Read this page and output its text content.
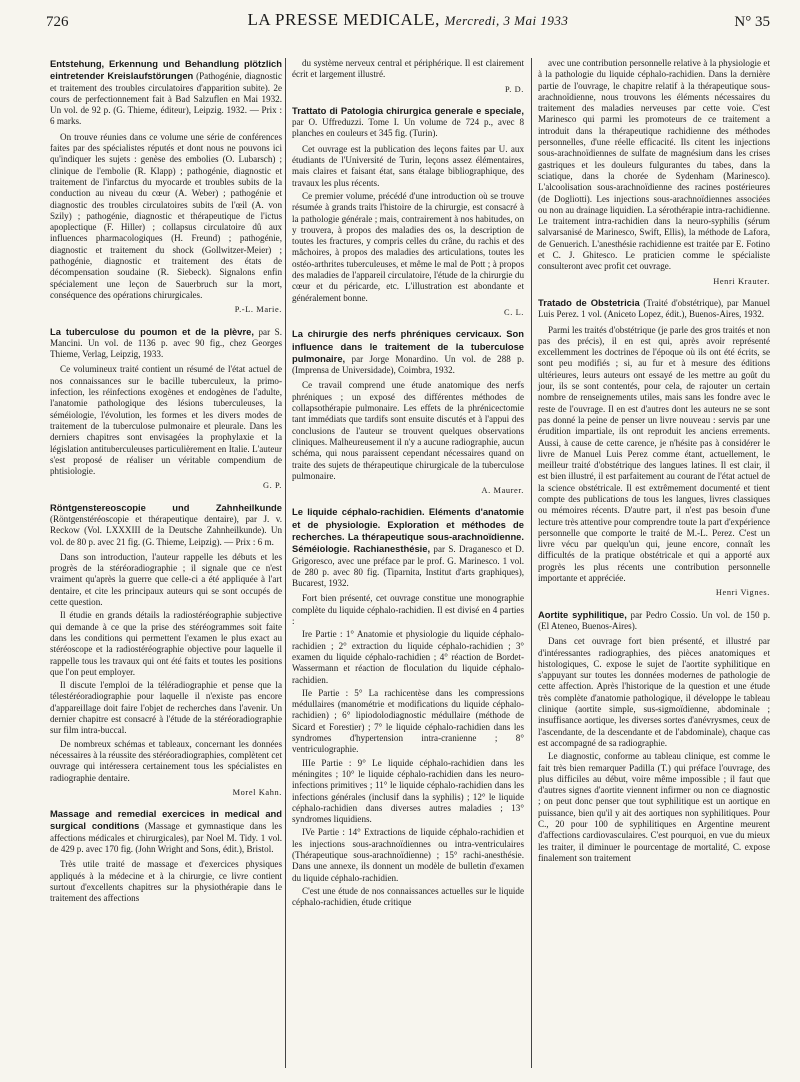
726	LA PRESSE MEDICALE, Mercredi, 3 Mai 1933	N° 35

Entstehung, Erkennung und Behandlung plötzlich eintretender Kreislaufstörungen (Pathogénie, diagnostic et traitement des troubles circulatoires d'apparition subite). 2e cours de perfectionnement fait à Bad Salzuflen en Mai 1932. Un vol. de 92 p. (G. Thieme, éditeur), Leipzig. 1932. — Prix : 6 marks.

On trouve réunies dans ce volume une série de conférences faites par des spécialistes réputés et dont nous ne pouvons ici qu'indiquer les sujets : genèse des embolies (O. Lubarsch) ; clinique de l'embolie (R. Klapp) ; pathogénie, diagnostic et traitement de l'infarctus du myocarde et troubles subits de la conduction au niveau du cœur (A. Weber) ; pathogénie et diagnostic des troubles circulatoires subits de l'œil (A. von Szily) ; pathogénie, diagnostic et thérapeutique de l'ictus apoplectique (F. Hiller) ; collapsus circulatoire dû aux influences pharmacologiques (H. Freund) ; pathogénie, diagnostic et traitement du shock (Gollwitzer-Meier) ; pathogénie, diagnostic et traitement des états de décompensation soudaine (R. Siebeck). Signalons enfin spécialement une leçon de Sauerbruch sur la mort, conséquence des opérations chirurgicales.

P.-L. Marie.

La tuberculose du poumon et de la plèvre, par S. Mancini. Un vol. de 1136 p. avec 90 fig., chez Georges Thieme, Verlag, Leipzig, 1933.

Ce volumineux traité contient un résumé de l'état actuel de nos connaissances sur le bacille tuberculeux, la primo-infection, les réinfections exogènes et endogènes de l'adulte, l'anatomie pathologique des lésions tuberculeuses, la séméiologie, l'évolution, les formes et les divers modes de traitement de la tuberculose pulmonaire et pleurale. Dans les derniers chapitres sont envisagées la prophylaxie et la législation antituberculeuses particulièrement en Italie. L'auteur s'est proposé de réaliser un véritable compendium de phtisiologie.

G. P.

Röntgenstereoscopie und Zahnheilkunde (Röntgenstéréoscopie et thérapeutique dentaire), par J. v. Reckow (Vol. LXXXIII de la Deutsche Zahnheilkunde). Un vol. de 80 p. avec 21 fig. (G. Thieme, Leipzig). — Prix : 6 m.

Dans son introduction, l'auteur rappelle les débuts et les progrès de la stéréoradiographie ; il signale que ce n'est vraiment qu'après la guerre que celle-ci a été appliquée à l'art dentaire, et cite les principaux auteurs qui se sont occupés de cette question.

Il étudie en grands détails la radiostéréographie subjective qui demande à ce que la prise des stéréogrammes soit faite dans les conditions qui permettent l'examen le plus exact au stéréoscope et la radiostéréographie objective pour laquelle il rappelle tous les travaux qui ont été faits et toutes les positions que l'on peut employer.

Il discute l'emploi de la téléradiographie et pense que la télestéréoradiographie pour laquelle il n'existe pas encore d'appareillage doit faire l'objet de recherches dans l'avenir. Un dernier chapitre est consacré à l'étude de la stéréoradiographie sur film intra-buccal.

De nombreux schémas et tableaux, concernant les données nécessaires à la réussite des stéréoradiographies, complètent cet ouvrage qui intéressera certainement tous les spécialistes en radiographie dentaire.

Morel Kahn.

Massage and remedial exercices in medical and surgical conditions (Massage et gymnastique dans les affections médicales et chirurgicales), par Noel M. Tidy. 1 vol. de 429 p. avec 170 fig. (John Wright and Sons, édit.), Bristol.

Très utile traité de massage et d'exercices physiques appliqués à la médecine et à la chirurgie, ce livre contient surtout d'excellents chapitres sur la physiothérapie dans le traitement des affections

du système nerveux central et périphérique. Il est clairement écrit et largement illustré.

P. D.

Trattato di Patologia chirurgica generale e speciale, par O. Uffreduzzi. Tome I. Un volume de 724 p., avec 8 planches en couleurs et 345 fig. (Turin).

Cet ouvrage est la publication des leçons faites par U. aux étudiants de l'Université de Turin, leçons assez élémentaires, mais claires et faisant état, sans étalage bibliographique, des travaux les plus récents.

Ce premier volume, précédé d'une introduction où se trouve résumée à grands traits l'histoire de la chirurgie, est consacré à la pathologie générale ; mais, contrairement à nos habitudes, on y trouvera, à propos des maladies des os, la description de toutes les fractures, y compris celles du crâne, du rachis et des mâchoires, à propos des maladies des articulations, toutes les ostéo-arthrites tuberculeuses, et même le mal de Pott ; à propos des maladies de l'appareil circulatoire, l'étude de la chirurgie du cœur et du péricarde, etc. L'illustration est abondante et généralement bonne.

C. L.

La chirurgie des nerfs phréniques cervicaux. Son influence dans le traitement de la tuberculose pulmonaire, par Jorge Monardino. Un vol. de 288 p. (Imprensa de Universidade), Coimbra, 1932.

Ce travail comprend une étude anatomique des nerfs phréniques ; un exposé des différentes méthodes de collapsothérapie pulmonaire. Les effets de la phrénicectomie tant immédiats que tardifs sont ensuite discutés et à l'appui des conclusions de l'auteur se trouvent quelques observations cliniques. Malheureusement il n'y a aucune radiographie, aucun schéma, qui nous paraissent cependant nécessaires quand on traite des sujets de thérapeutique chirurgicale de la tuberculose pulmonaire.

A. Maurer.

Le liquide céphalo-rachidien. Eléments d'anatomie et de physiologie. Exploration et méthodes de recherches. La thérapeutique sous-arachnoïdienne. Séméiologie. Rachianesthésie, par S. Draganesco et D. Grigoresco, avec une préface par le prof. G. Marinesco. 1 vol. de 280 p. avec 80 fig. (Tiparnita, Institut d'arts graphiques), Bucarest, 1932.

Fort bien présenté, cet ouvrage constitue une monographie complète du liquide céphalo-rachidien. Il est divisé en 4 parties :

Ire Partie : 1° Anatomie et physiologie du liquide céphalo-rachidien ; 2° extraction du liquide céphalo-rachidien ; 3° examen du liquide céphalo-rachidien ; 4° réaction de Bordet-Wassermann et réaction de floculation du liquide céphalo-rachidien.

IIe Partie : 5° La rachicentèse dans les compressions médullaires (manométrie et modifications du liquide céphalo-rachidien) ; 6° lipiodolodiagnostic médullaire (méthode de Sicard et Forestier) ; 7° le liquide céphalo-rachidien dans les syndromes d'hypertension intra-cranienne ; 8° ventriculographie.

IIIe Partie : 9° Le liquide céphalo-rachidien dans les méningites ; 10° le liquide céphalo-rachidien dans les neuro-infections primitives ; 11° le liquide céphalo-rachidien dans les infections générales (inclusif dans la syphilis) ; 12° le liquide céphalo-rachidien dans diverses autres maladies ; 13° syndromes liquidiens.

IVe Partie : 14° Extractions de liquide céphalo-rachidien et les injections sous-arachnoïdiennes ou intra-ventriculaires (Thérapeutique sous-arachnoïdienne) ; 15° rachi-anesthésie. Dans une annexe, ils donnent un modèle de bulletin d'examen du liquide céphalo-rachidien.

C'est une étude de nos connaissances actuelles sur le liquide céphalo-rachidien, étude critique

avec une contribution personnelle relative à la physiologie et à la pathologie du liquide céphalo-rachidien. Dans la dernière partie de l'ouvrage, le chapitre relatif à la thérapeutique sous-arachnoïdienne, nous trouvons les éléments nécessaires du traitement des maladies nerveuses par cette voie. C'est Marinesco qui parmi les promoteurs de ce traitement a introduit dans la thérapeutique rachidienne des méthodes personnelles, d'une réelle efficacité. Ils citent les injections sous-arachnoïdiennes de sulfate de magnésium dans les crises gastriques et les douleurs fulgurantes du tabes, dans la sciatique, dans la chorée de Sydenham (Marinesco). L'alcoolisation sous-arachnoïdienne des racines postérieures (de Dogliotti). Les injections sous-arachnoïdiennes associées ou non au drainage liquidien. La sérothérapie intra-rachidienne. Le traitement intra-rachidien dans la neuro-syphilis (sérum salvarsanisé de Marinesco, Swift, Ellis), la méthode de Lafora, de Genuerich. L'anesthésie rachidienne est traitée par E. Fotino et C. J. Ghitesco. Le praticien comme le spécialiste consulteront avec profit cet ouvrage.

Henri Krauter.

Tratado de Obstetricia (Traité d'obstétrique), par Manuel Luis Perez. 1 vol. (Aniceto Lopez, édit.), Buenos-Aires, 1932.

Parmi les traités d'obstétrique (je parle des gros traités et non pas des précis), il en est qui, après avoir représenté excellemment les doctrines de l'époque où ils ont été écrits, se sont peu modifiés ; si, au fur et à mesure des éditions ultérieures, leurs auteurs ont essayé de les mettre au goût du jour, ils se sont contentés, pour cela, de rajouter un certain nombre de renseignements utiles, mais sans les fondre avec le reste de l'ouvrage. Il en est d'autres dont les auteurs ne se sont pas donné la peine de penser un livre nouveau : servis par une érudition impartiale, ils ont reproduit les anciens errements. Aussi, à cause de cette carence, je n'hésite pas à considérer le livre de Manuel Luis Perez comme étant, actuellement, le meilleur traité d'obstétrique des langues latines. Il est clair, il est bien illustré, il est parfaitement au courant de l'état actuel de la science obstétricale. Il est extrêmement documenté et tient compte des publications de tous les langues, livres classiques ou mémoires récents. D'autre part, il n'est pas besoin d'une lecture très attentive pour comprendre toute la part d'expérience personnelle que comporte le traité de M.-L. Perez. C'est un livre vécu par quelqu'un qui, jeune encore, connaît les difficultés de la pratique obstétricale et qui a apporté aux progrès les plus récents une contribution personnelle importante et appréciée.

Henri Vignes.

Aortite syphilitique, par Pedro Cossio. Un vol. de 150 p. (El Ateneo, Buenos-Aires).

Dans cet ouvrage fort bien présenté, et illustré par d'intéressantes radiographies, des pièces anatomiques et histologiques, C. expose le sujet de l'aortite syphilitique en s'appuyant sur toutes les données modernes de pathologie de cette affection. Après l'historique de la question et une étude très complète d'anatomie pathologique, il développe le tableau clinique (aortite simple, sus-sigmoïdienne, abdominale ; insuffisance aortique, les diverses sortes d'anévrysmes, ceux de l'ascendante, de la descendante et de l'abdominale), chaque cas est accompagné de sa radiographie.

Le diagnostic, conforme au tableau clinique, est comme le fait très bien remarquer Padilla (T.) qui préface l'ouvrage, des plus difficiles au début, voire même impossible ; il faut que d'autres signes d'aortite viennent infirmer ou non ce diagnostic ; on peut donc penser que tout syphilitique est un aortique en puissance, bien qu'il y ait des aortiques non syphilitiques. Pour C., 20 pour 100 de syphilitiques en Argentine meurent d'affections cardiovasculaires. C'est pourquoi, en vue du mieux les traiter, il diminuer le pourcentage de mortalité, C. expose finalement son traitement
